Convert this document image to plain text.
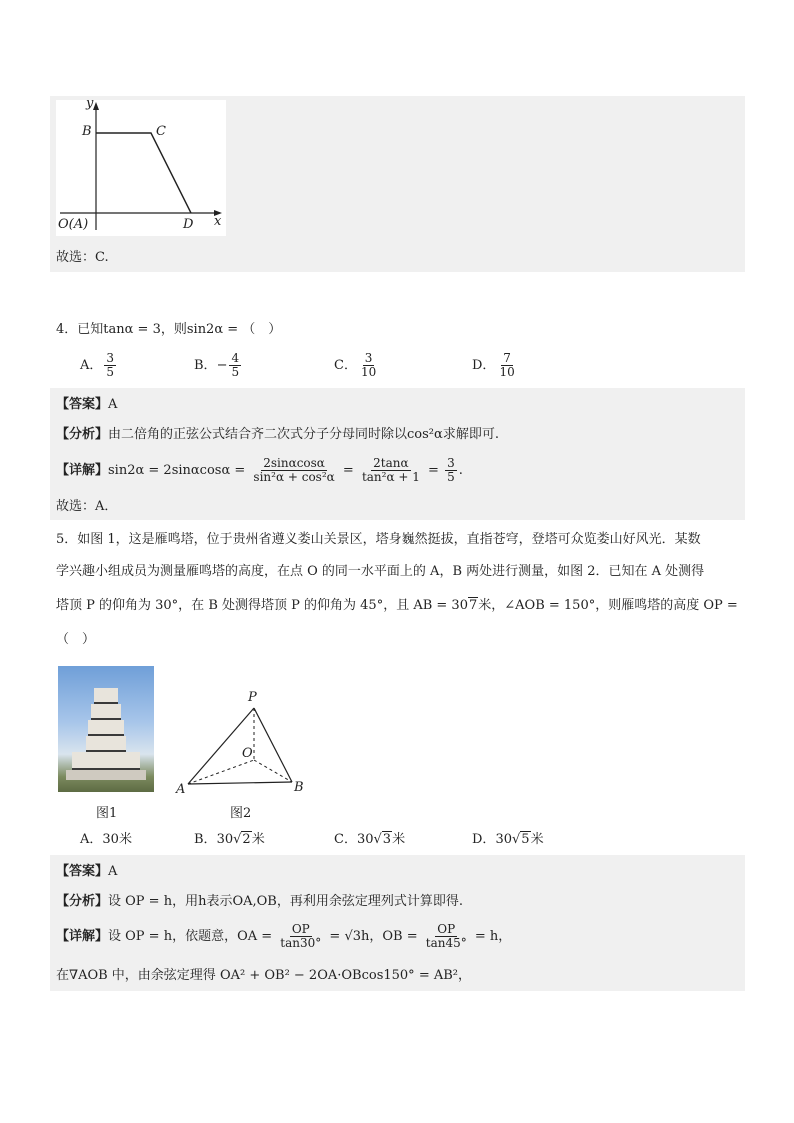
y
x
B	C
D
O(A)
故选：C.
4．已知tanα = 3，则sin2α = （　）
A． $\frac{3}{5}$	B．− $\frac{4}{5}$	C． $\frac{3}{10}$	D． $\frac{7}{10}$
【答案】A
【分析】由二倍角的正弦公式结合齐二次式分子分母同时除以cos²α求解即可.
【详解】$\sin 2\alpha = 2\sin\alpha\cos\alpha = \frac{2\sin\alpha\cos\alpha}{\text{sin²α + cos²α}} = \frac{2\tan\alpha}{\text{tan²α + 1}} = \frac{3}{5}$ .
故选：A．
5．如图 1，这是雁鸣塔，位于贵州省遵义娄山关景区，塔身巍然挺拔，直指苍穹，登塔可众览娄山好风光．某数
学兴趣小组成员为测量雁鸣塔的高度，在点 O 的同一水平面上的 A，B 两处进行测量，如图 2．已知在 A 处测得
塔顶 P 的仰角为 30°，在 B 处测得塔顶 P 的仰角为 45°，且 AB = 307米，∠AOB = 150°，则雁鸣塔的高度 OP =
（　）
图1
P
O
A	B
图2
A．30米	B．30√2米	C．30√3米	D．30√5米
【答案】A
【分析】设 OP = h，用h表示OA,OB，再利用余弦定理列式计算即得.
【详解】设 OP = h，依题意，OA = $\frac{OP}{\tan 30^\circ} = √3h$，OB = $\frac{OP}{\tan 45^\circ} = h$，
在∇AOB 中，由余弦定理得 OA² + OB² − 2OA·OBcos150° = AB²，
